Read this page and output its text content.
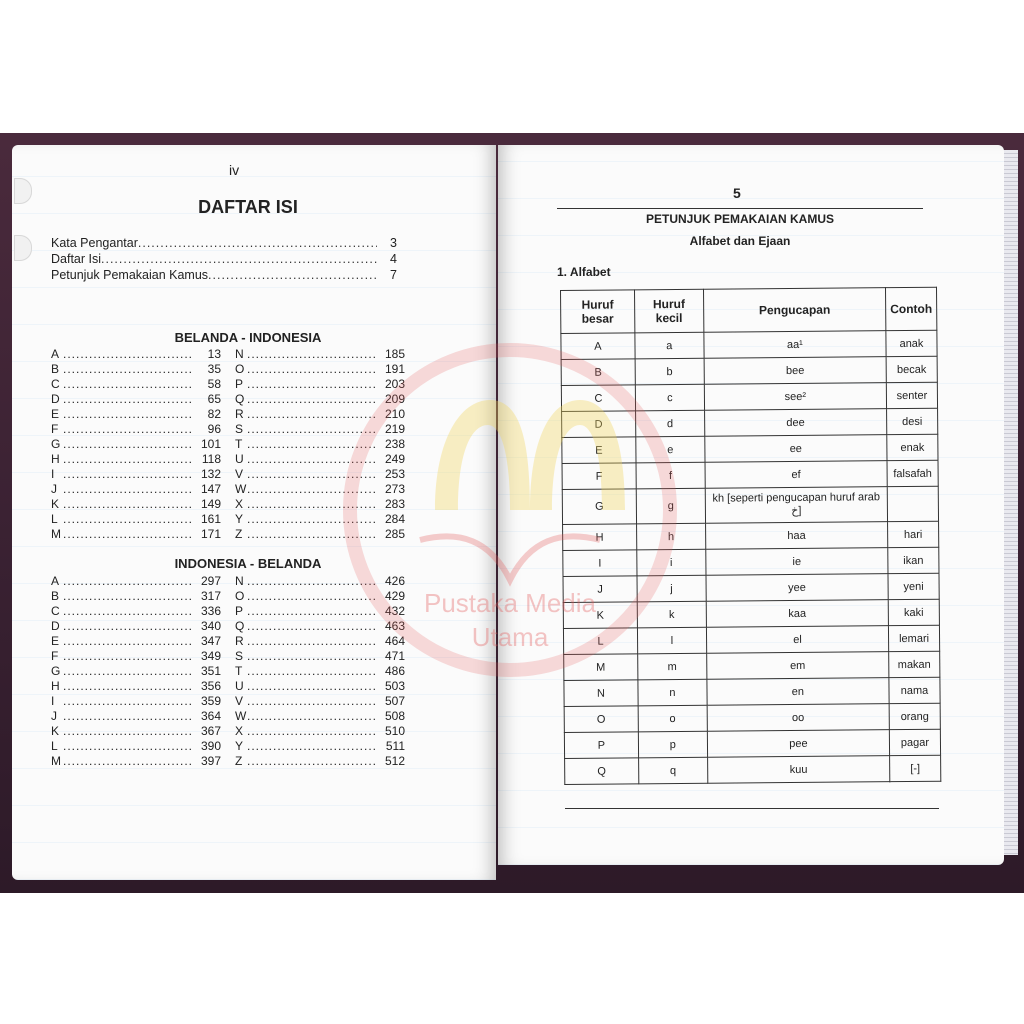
iv
DAFTAR ISI
Kata Pengantar .....	3
Daftar Isi .....	4
Petunjuk Pemakaian Kamus .....	7
BELANDA - INDONESIA
A .....	13
B .....	35
C .....	58
D .....	65
E .....	82
F .....	96
G .....	101
H .....	118
I .....	132
J .....	147
K .....	149
L .....	161
M .....	171
N .....	185
O .....	191
P .....	203
Q .....	209
R .....	210
S .....	219
T .....	238
U .....	249
V .....	253
W .....	273
X .....	283
Y .....	284
Z .....	285
INDONESIA - BELANDA
A .....	297
B .....	317
C .....	336
D .....	340
E .....	347
F .....	349
G .....	351
H .....	356
I .....	359
J .....	364
K .....	367
L .....	390
M .....	397
N .....	426
O .....	429
P .....	432
Q .....	463
R .....	464
S .....	471
T .....	486
U .....	503
V .....	507
W .....	508
X .....	510
Y .....	511
Z .....	512
5
PETUNJUK PEMAKAIAN KAMUS
Alfabet dan Ejaan
1. Alfabet
Huruf besar	Huruf kecil	Pengucapan	Contoh
A	a	aa¹	anak
B	b	bee	becak
C	c	see²	senter
D	d	dee	desi
E	e	ee	enak
F	f	ef	falsafah
G	g	kh [seperti pengucapan huruf arab خ]	
H	h	haa	hari
I	i	ie	ikan
J	j	yee	yeni
K	k	kaa	kaki
L	l	el	lemari
M	m	em	makan
N	n	en	nama
O	o	oo	orang
P	p	pee	pagar
Q	q	kuu	[-]
Pustaka Media
Utama
